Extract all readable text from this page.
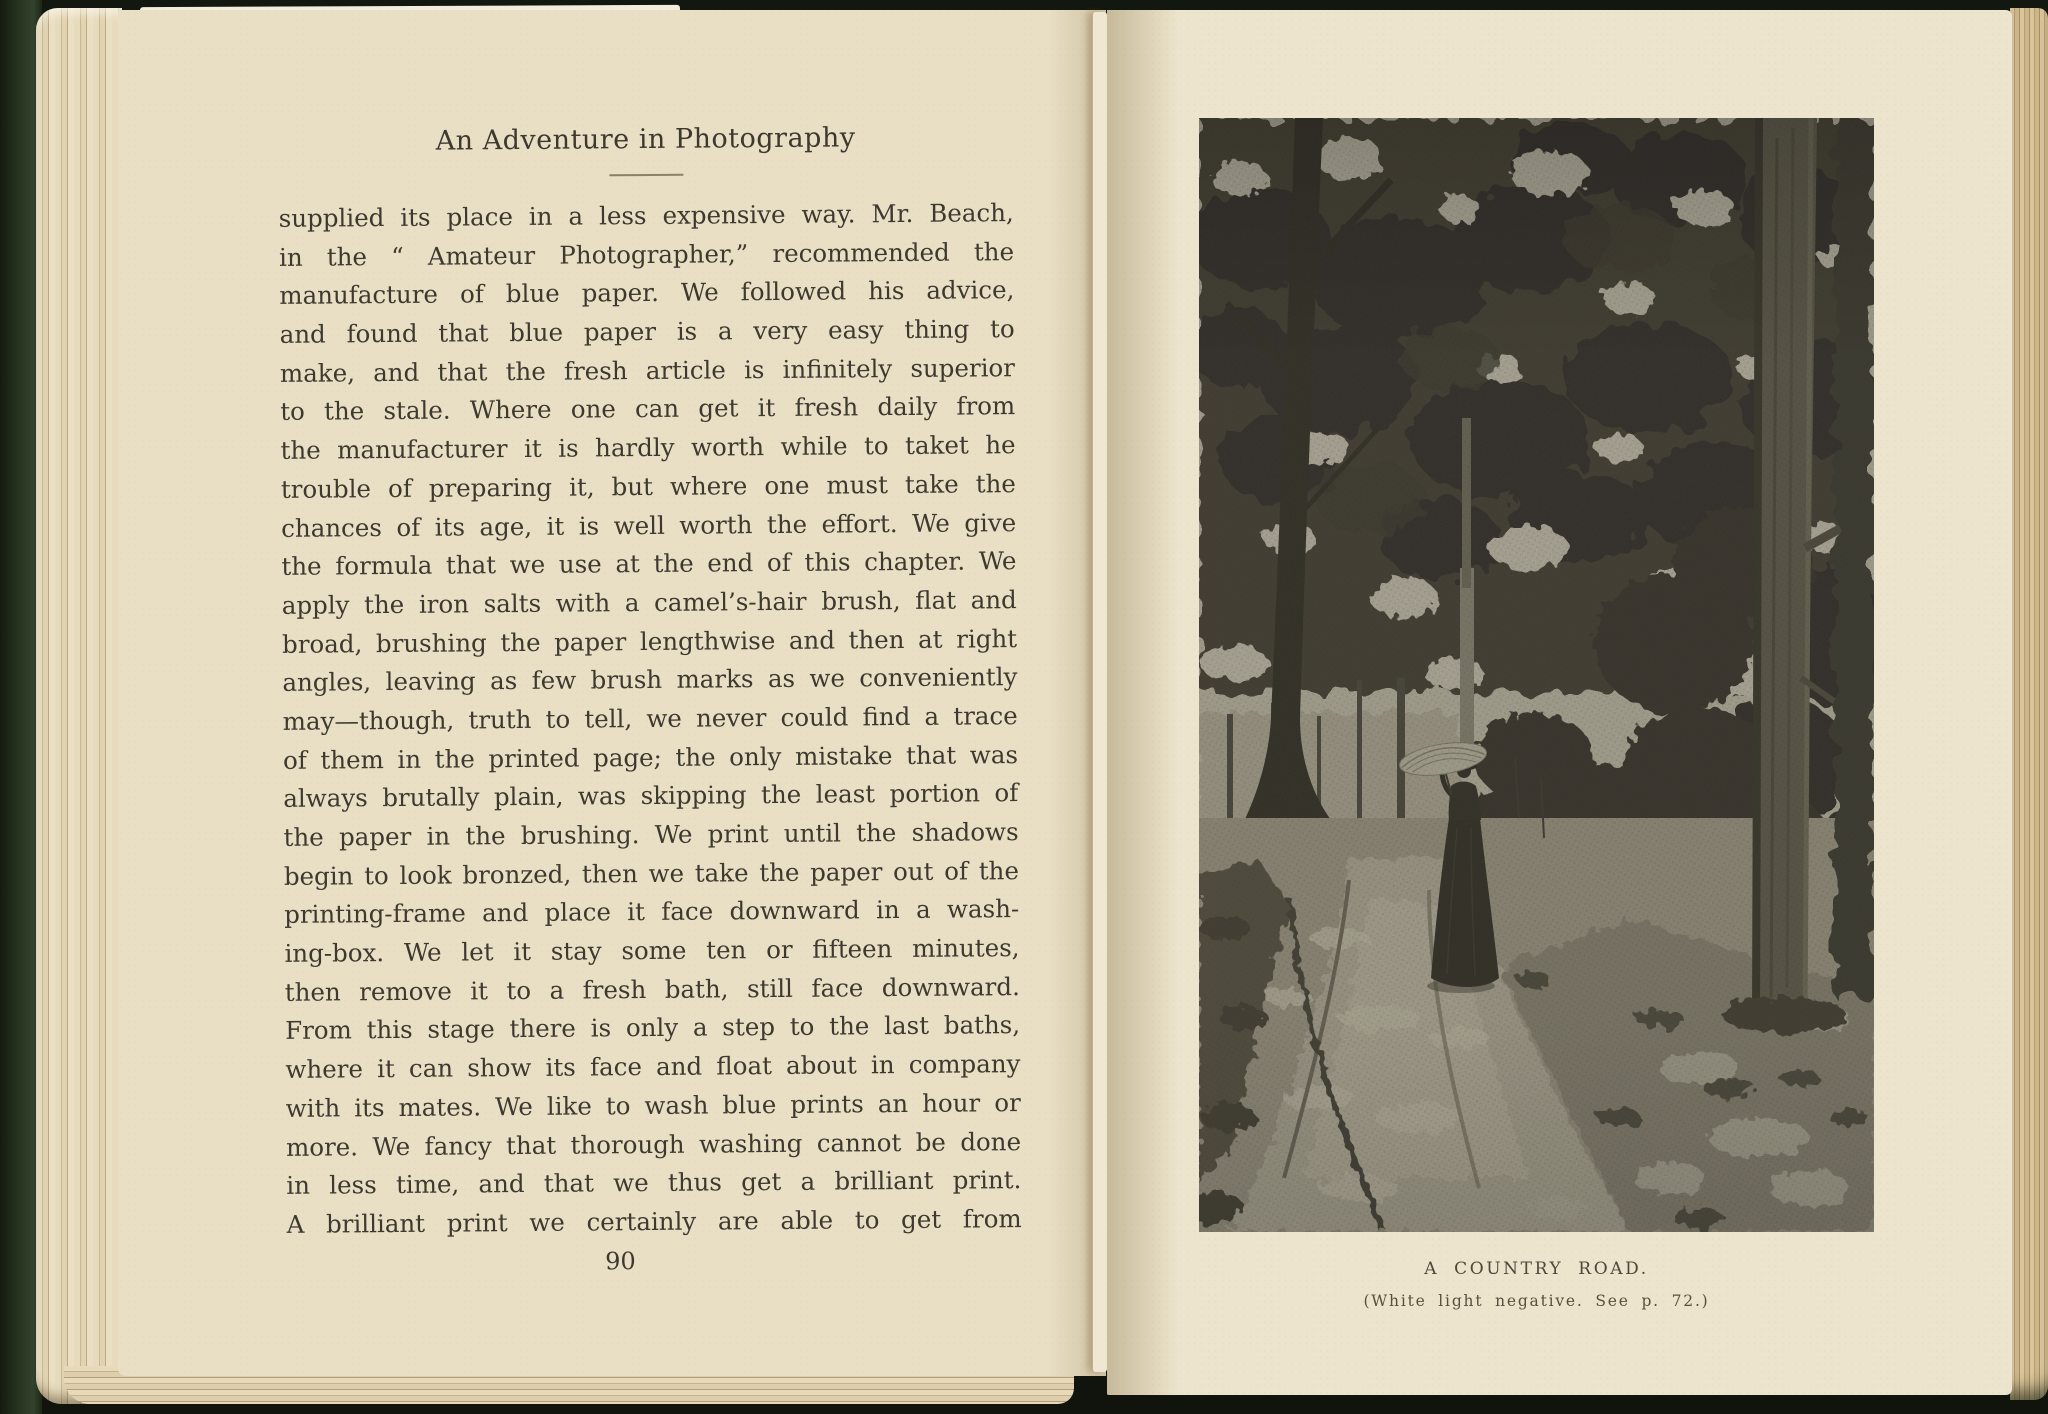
An Adventure in Photography
supplied its place in a less expensive way. Mr. Beach,
in the “ Amateur Photographer,” recommended the
manufacture of blue paper. We followed his advice,
and found that blue paper is a very easy thing to
make, and that the fresh article is infinitely superior
to the stale. Where one can get it fresh daily from
the manufacturer it is hardly worth while to taket he
trouble of preparing it, but where one must take the
chances of its age, it is well worth the effort. We give
the formula that we use at the end of this chapter. We
apply the iron salts with a camel’s-hair brush, flat and
broad, brushing the paper lengthwise and then at right
angles, leaving as few brush marks as we conveniently
may—though, truth to tell, we never could find a trace
of them in the printed page; the only mistake that was
always brutally plain, was skipping the least portion of
the paper in the brushing. We print until the shadows
begin to look bronzed, then we take the paper out of the
printing-frame and place it face downward in a wash-
ing-box. We let it stay some ten or fifteen minutes,
then remove it to a fresh bath, still face downward.
From this stage there is only a step to the last baths,
where it can show its face and float about in company
with its mates. We like to wash blue prints an hour or
more. We fancy that thorough washing cannot be done
in less time, and that we thus get a brilliant print.
A brilliant print we certainly are able to get from
90	A COUNTRY ROAD.
(White light negative. See p. 72.)
